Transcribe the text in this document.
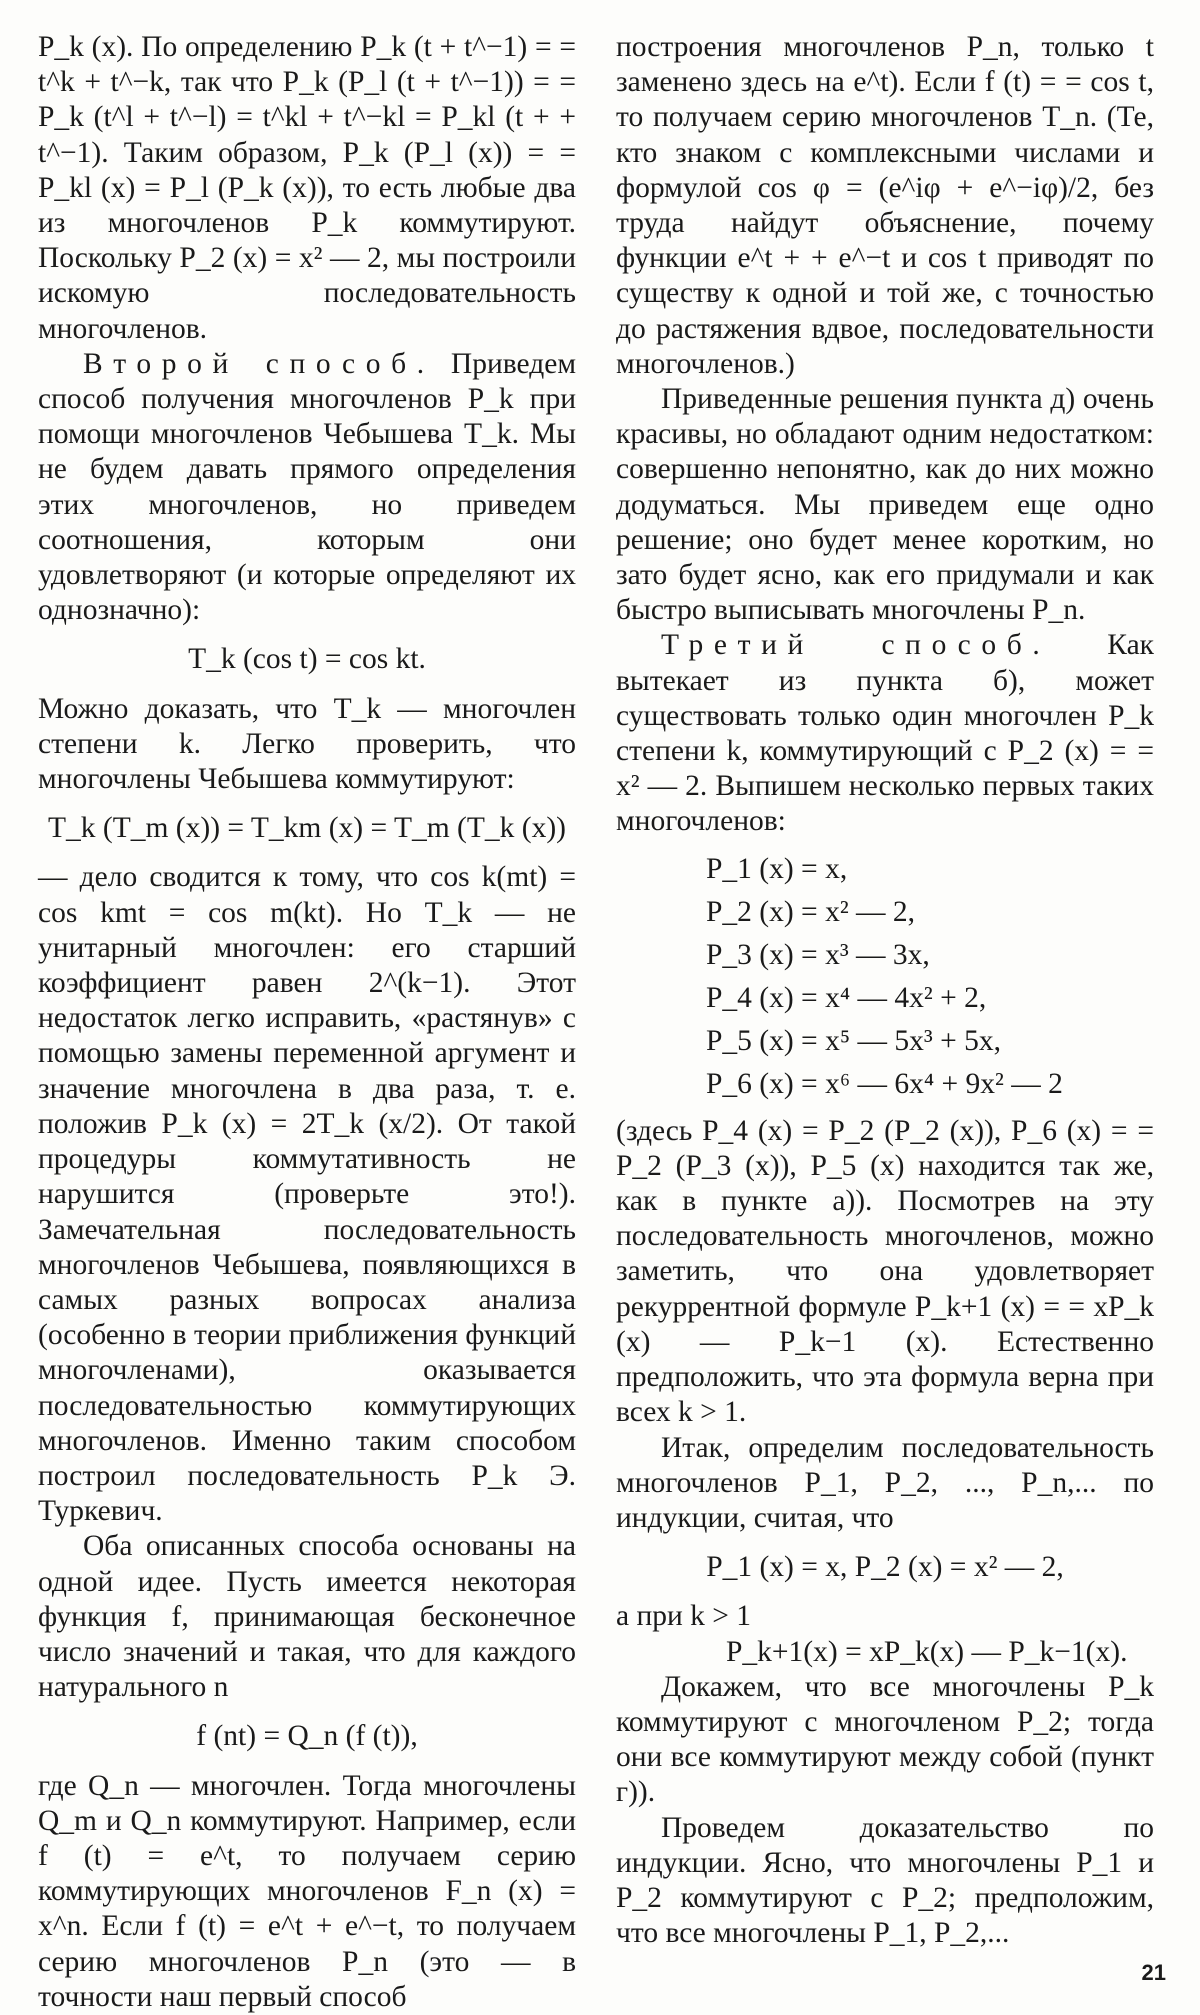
P_k (x). По определению P_k (t + t^−1) = = t^k + t^−k, так что P_k (P_l (t + t^−1)) = = P_k (t^l + t^−l) = t^kl + t^−kl = P_kl (t + + t^−1). Таким образом, P_k (P_l (x)) = = P_kl (x) = P_l (P_k (x)), то есть любые два из многочленов P_k коммутируют. Поскольку P_2 (x) = x² — 2, мы построили искомую последовательность многочленов.

Второй способ. Приведем способ получения многочленов P_k при помощи многочленов Чебышева T_k. Мы не будем давать прямого определения этих многочленов, но приведем соотношения, которым они удовлетворяют (и которые определяют их однозначно):

T_k (cos t) = cos kt.

Можно доказать, что T_k — многочлен степени k. Легко проверить, что многочлены Чебышева коммутируют:

T_k (T_m (x)) = T_km (x) = T_m (T_k (x))

— дело сводится к тому, что cos k(mt) = cos kmt = cos m(kt). Но T_k — не унитарный многочлен: его старший коэффициент равен 2^(k−1). Этот недостаток легко исправить, «растянув» с помощью замены переменной аргумент и значение многочлена в два раза, т. е. положив P_k (x) = 2T_k (x/2). От такой процедуры коммутативность не нарушится (проверьте это!). Замечательная последовательность многочленов Чебышева, появляющихся в самых разных вопросах анализа (особенно в теории приближения функций многочленами), оказывается последовательностью коммутирующих многочленов. Именно таким способом построил последовательность P_k Э. Туркевич.

Оба описанных способа основаны на одной идее. Пусть имеется некоторая функция f, принимающая бесконечное число значений и такая, что для каждого натурального n

f (nt) = Q_n (f (t)),

где Q_n — многочлен. Тогда многочлены Q_m и Q_n коммутируют. Например, если f (t) = e^t, то получаем серию коммутирующих многочленов F_n (x) = x^n. Если f (t) = e^t + e^−t, то получаем серию многочленов P_n (это — в точности наш первый способ

построения многочленов P_n, только t заменено здесь на e^t). Если f (t) = = cos t, то получаем серию многочленов T_n. (Те, кто знаком с комплексными числами и формулой cos φ = (e^iφ + e^−iφ)/2, без труда найдут объяснение, почему функции e^t + + e^−t и cos t приводят по существу к одной и той же, с точностью до растяжения вдвое, последовательности многочленов.)

Приведенные решения пункта д) очень красивы, но обладают одним недостатком: совершенно непонятно, как до них можно додуматься. Мы приведем еще одно решение; оно будет менее коротким, но зато будет ясно, как его придумали и как быстро выписывать многочлены P_n.

Третий способ. Как вытекает из пункта б), может существовать только один многочлен P_k степени k, коммутирующий с P_2 (x) = = x² — 2. Выпишем несколько первых таких многочленов:

P_1 (x) = x,
P_2 (x) = x² — 2,
P_3 (x) = x³ — 3x,
P_4 (x) = x⁴ — 4x² + 2,
P_5 (x) = x⁵ — 5x³ + 5x,
P_6 (x) = x⁶ — 6x⁴ + 9x² — 2

(здесь P_4 (x) = P_2 (P_2 (x)), P_6 (x) = = P_2 (P_3 (x)), P_5 (x) находится так же, как в пункте а)). Посмотрев на эту последовательность многочленов, можно заметить, что она удовлетворяет рекуррентной формуле P_k+1 (x) = = xP_k (x) — P_k−1 (x). Естественно предположить, что эта формула верна при всех k > 1.

Итак, определим последовательность многочленов P_1, P_2, ..., P_n,... по индукции, считая, что

P_1 (x) = x, P_2 (x) = x² — 2,

а при k > 1

P_k+1(x) = xP_k(x) — P_k−1(x).

Докажем, что все многочлены P_k коммутируют с многочленом P_2; тогда они все коммутируют между собой (пункт г)).

Проведем доказательство по индукции. Ясно, что многочлены P_1 и P_2 коммутируют с P_2; предположим, что все многочлены P_1, P_2,...

21
